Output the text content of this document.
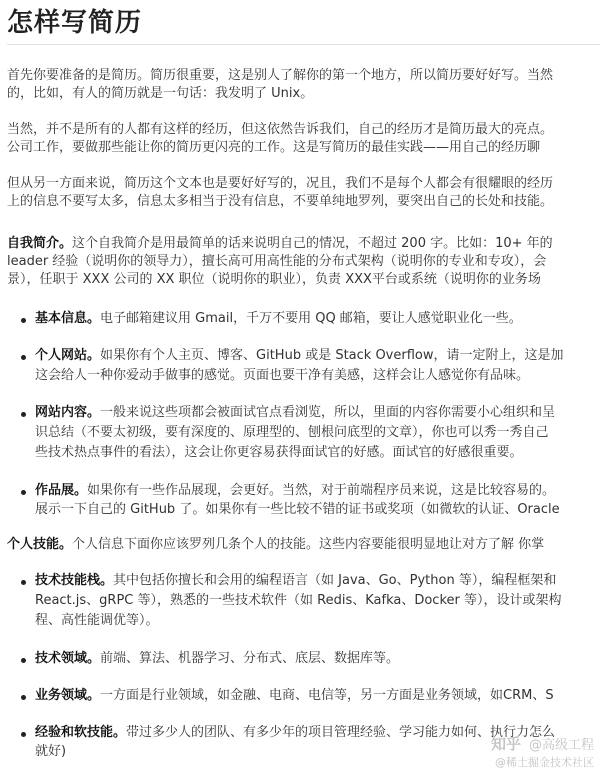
怎样写简历

首先你要准备的是简历。简历很重要，这是别人了解你的第一个地方，所以简历要好好写。当然

的，比如，有人的简历就是一句话：我发明了 Unix。

当然，并不是所有的人都有这样的经历，但这依然告诉我们，自己的经历才是简历最大的亮点。

公司工作，要做那些能让你的简历更闪亮的工作。这是写简历的最佳实践——用自己的经历聊

但从另一方面来说，简历这个文本也是要好好写的，况且，我们不是每个人都会有很耀眼的经历

上的信息不要写太多，信息太多相当于没有信息，不要单纯地罗列，要突出自己的长处和技能。

自我简介。这个自我简介是用最简单的话来说明自己的情况，不超过 200 字。比如：10+ 年的

leader 经验（说明你的领导力），擅长高可用高性能的分布式架构（说明你的专业和专攻），会

景），任职于 XXX 公司的 XX 职位（说明你的职业），负责 XXX平台或系统（说明你的业务场

基本信息。电子邮箱建议用 Gmail，千万不要用 QQ 邮箱，要让人感觉职业化一些。

个人网站。如果你有个人主页、博客、GitHub 或是 Stack Overflow，请一定附上，这是加

这会给人一种你爱动手做事的感觉。页面也要干净有美感，这样会让人感觉你有品味。

网站内容。一般来说这些项都会被面试官点看浏览，所以，里面的内容你需要小心组织和呈

识总结（不要太初级，要有深度的、原理型的、刨根问底型的文章），你也可以秀一秀自己

些技术热点事件的看法），这会让你更容易获得面试官的好感。面试官的好感很重要。

作品展。如果你有一些作品展现，会更好。当然，对于前端程序员来说，这是比较容易的。

展示一下自己的 GitHub 了。如果你有一些比较不错的证书或奖项（如微软的认证、Oracle

个人技能。个人信息下面你应该罗列几条个人的技能。这些内容要能很明显地让对方了解 你掌

技术技能栈。其中包括你擅长和会用的编程语言（如 Java、Go、Python 等），编程框架和

React.js、gRPC 等），熟悉的一些技术软件（如 Redis、Kafka、Docker 等），设计或架构

程、高性能调优等）。

技术领域。前端、算法、机器学习、分布式、底层、数据库等。

业务领域。一方面是行业领域，如金融、电商、电信等，另一方面是业务领域，如CRM、S

经验和软技能。带过多少人的团队、有多少年的项目管理经验、学习能力如何、执行力怎么

就好)	知乎 @高级工程
@稀土掘金技术社区
